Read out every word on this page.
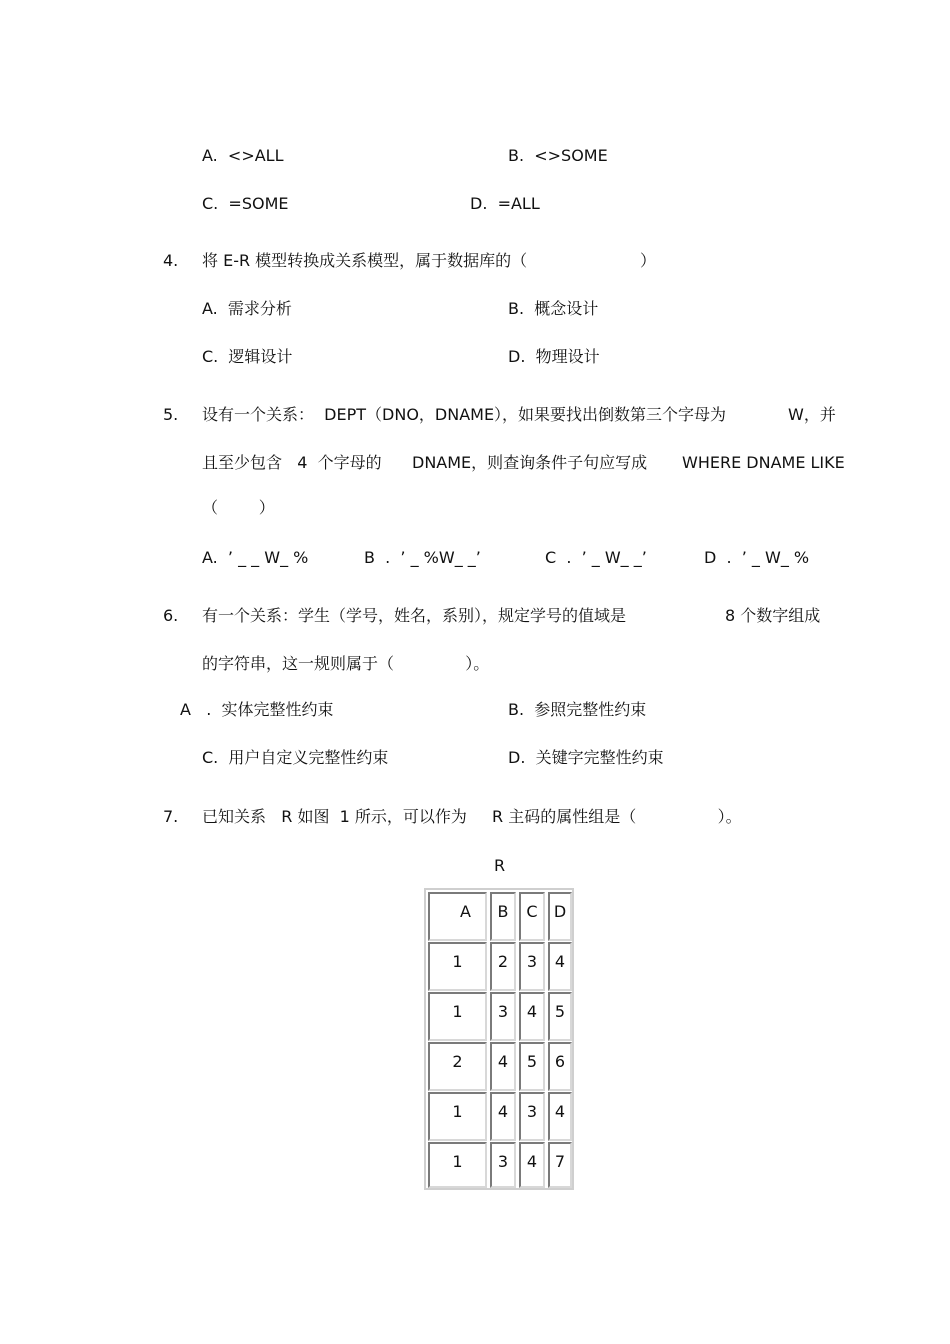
A.  <>ALL	B.  <>SOME
C.  =SOME	D.  =ALL
4. 将 E-R 模型转换成关系模型，属于数据库的（	）
A.  需求分析	B.  概念设计
C.  逻辑设计	D.  物理设计
5. 设有一个关系：  DEPT（DNO，DNAME），如果要找出倒数第三个字母为	W，并
且至少包含   4  个字母的 DNAME，则查询条件子句应写成 WHERE DNAME LIKE
（        ）
A.  ’ _ _ W_ %	B  .  ’ _ %W_ _’	C  .  ’ _ W_ _’	D  .  ’ _ W_ %
6. 有一个关系：学生（学号，姓名，系别），规定学号的值域是	8 个数字组成
的字符串，这一规则属于（              ）。
A   .  实体完整性约束	B.  参照完整性约束
C.  用户自定义完整性约束	D.  关键字完整性约束
7. 已知关系   R 如图  1 所示，可以作为 R 主码的属性组是（                ）。
R
A	B	C	D
1	2	3	4
1	3	4	5
2	4	5	6
1	4	3	4
1	3	4	7
